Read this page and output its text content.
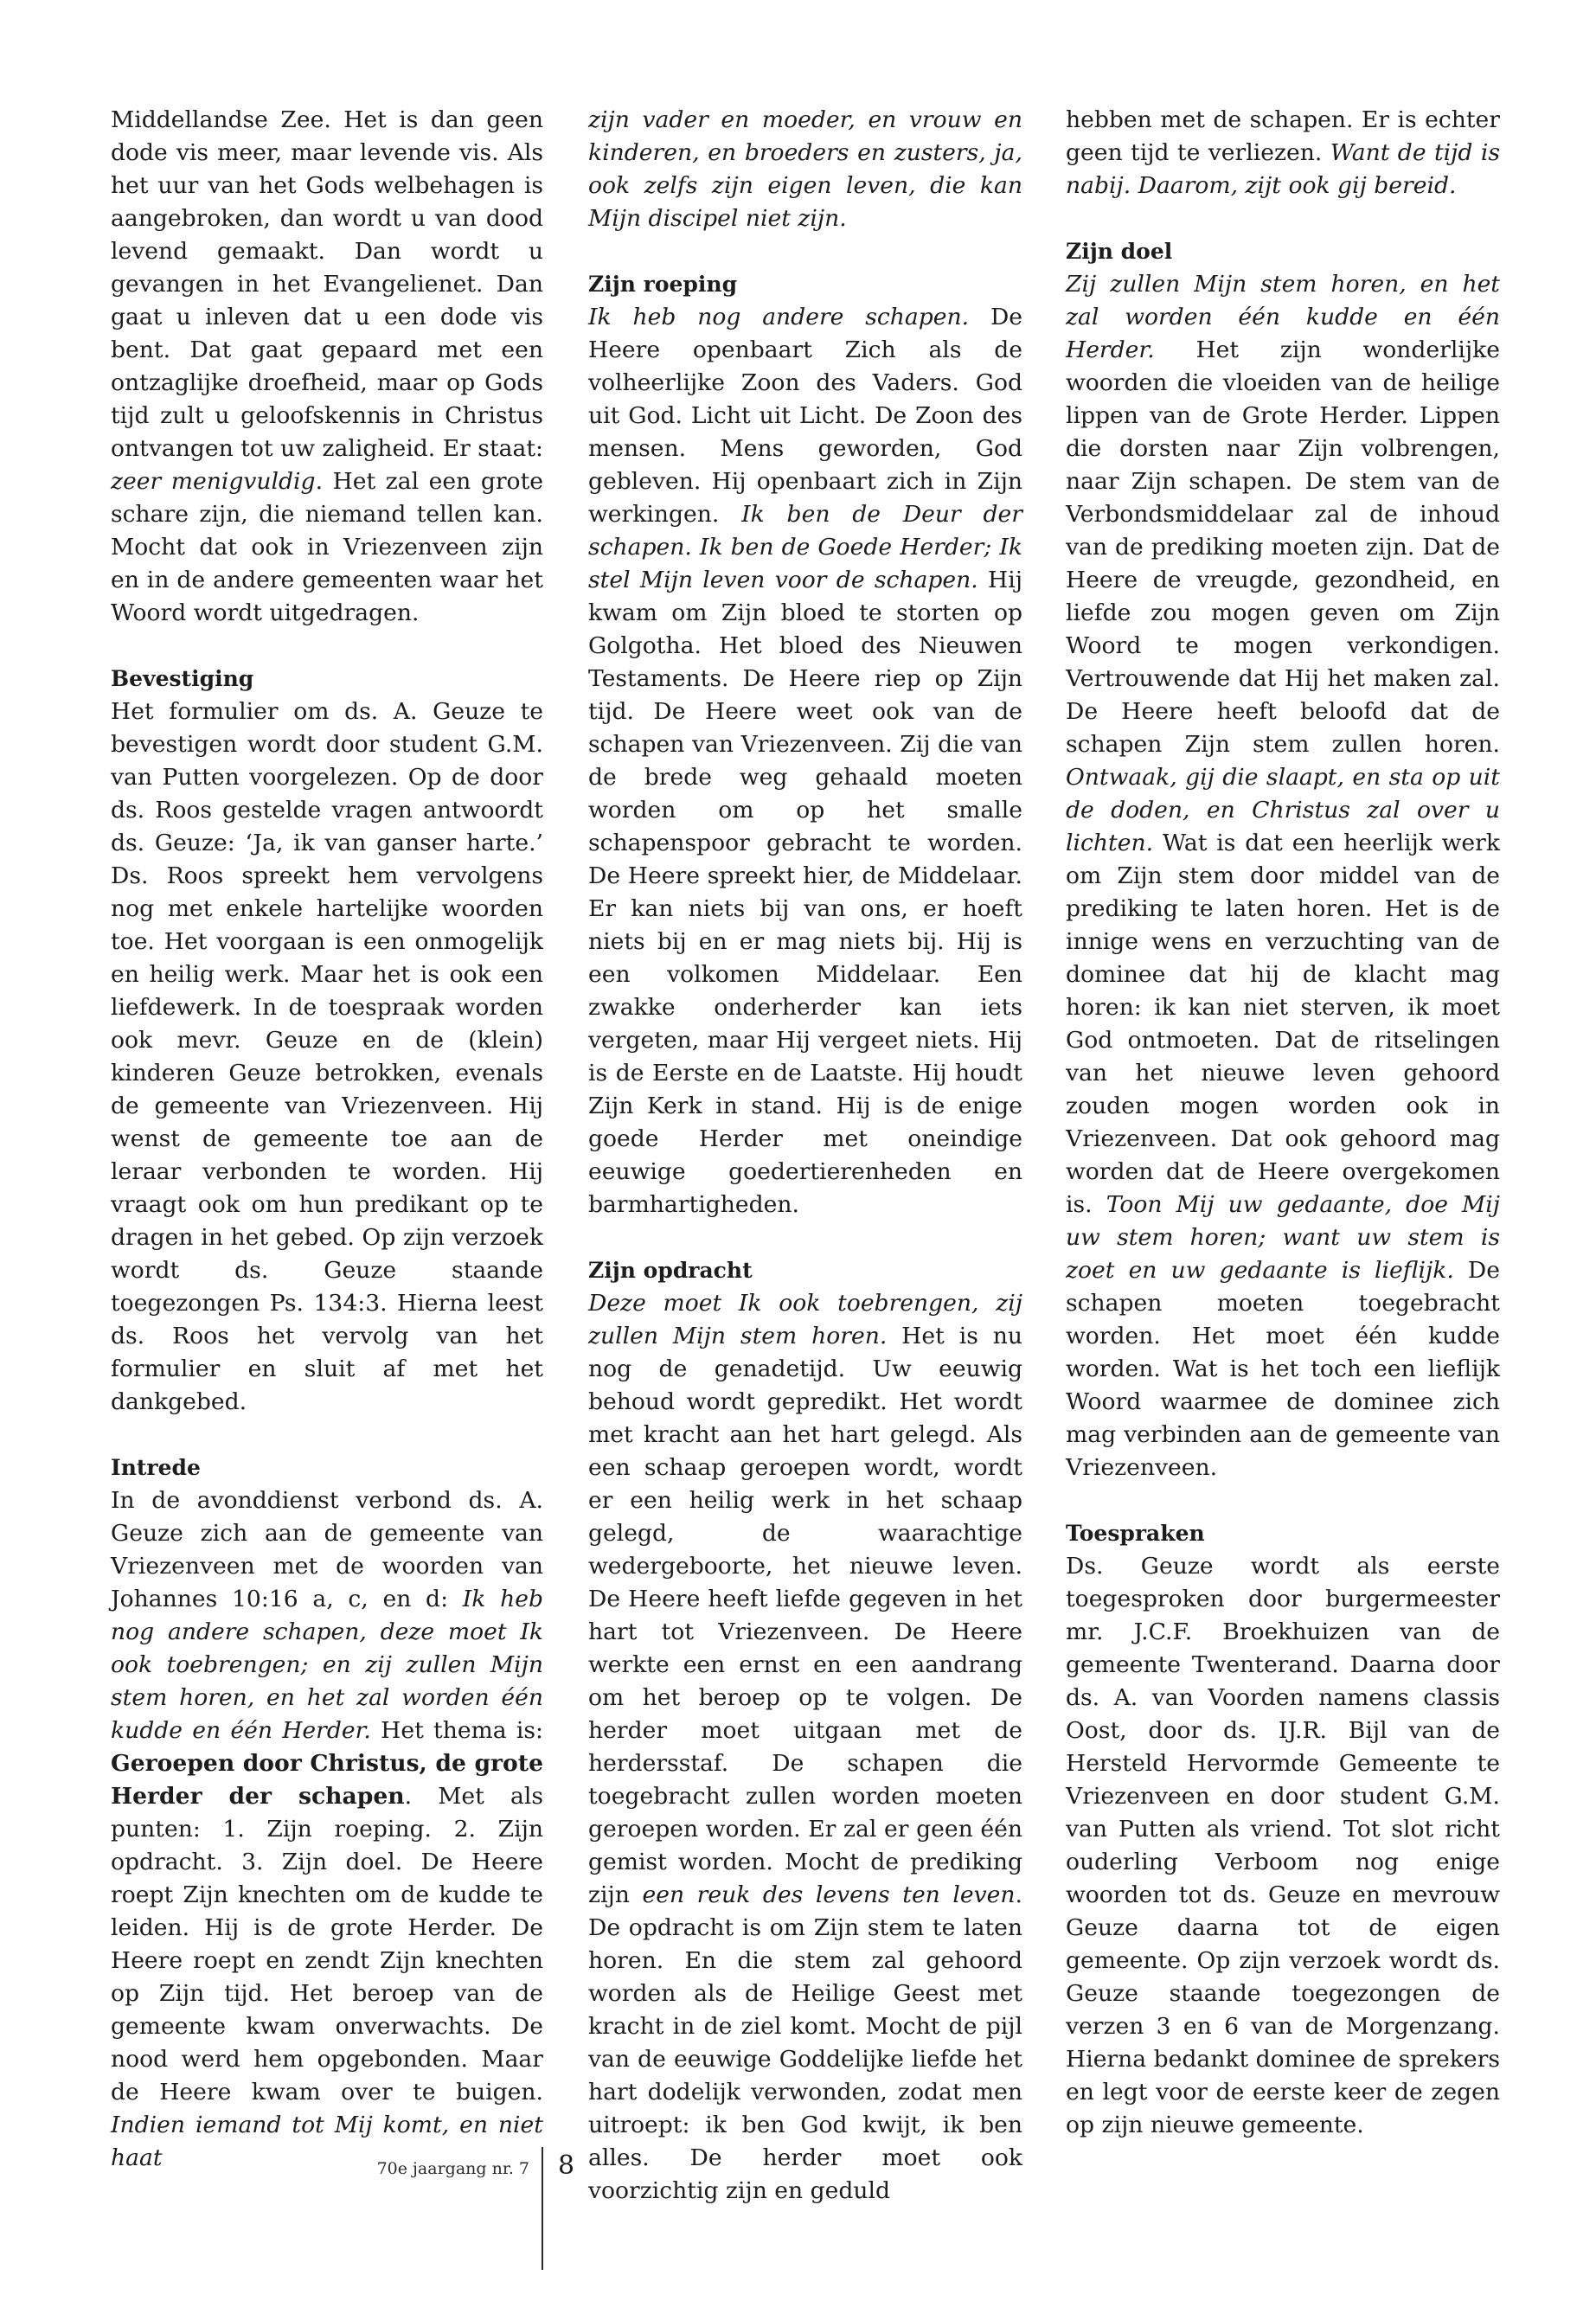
Middellandse Zee. Het is dan geen dode vis meer, maar levende vis. Als het uur van het Gods welbehagen is aangebroken, dan wordt u van dood levend gemaakt. Dan wordt u gevangen in het Evangelienet. Dan gaat u inleven dat u een dode vis bent. Dat gaat gepaard met een ontzaglijke droefheid, maar op Gods tijd zult u geloofskennis in Christus ontvangen tot uw zaligheid. Er staat: zeer menigvuldig. Het zal een grote schare zijn, die niemand tellen kan. Mocht dat ook in Vriezenveen zijn en in de andere gemeenten waar het Woord wordt uitgedragen.

Bevestiging

Het formulier om ds. A. Geuze te bevestigen wordt door student G.M. van Putten voorgelezen. Op de door ds. Roos gestelde vragen antwoordt ds. Geuze: ‘Ja, ik van ganser harte.’ Ds. Roos spreekt hem vervolgens nog met enkele hartelijke woorden toe. Het voorgaan is een onmogelijk en heilig werk. Maar het is ook een liefdewerk. In de toespraak worden ook mevr. Geuze en de (klein) kinderen Geuze betrokken, evenals de gemeente van Vriezenveen. Hij wenst de gemeente toe aan de leraar verbonden te worden. Hij vraagt ook om hun predikant op te dragen in het gebed. Op zijn verzoek wordt ds. Geuze staande toegezongen Ps. 134:3. Hierna leest ds. Roos het vervolg van het formulier en sluit af met het dankgebed.

Intrede

In de avonddienst verbond ds. A. Geuze zich aan de gemeente van Vriezenveen met de woorden van Johannes 10:16 a, c, en d: Ik heb nog andere schapen, deze moet Ik ook toebrengen; en zij zullen Mijn stem horen, en het zal worden één kudde en één Herder. Het thema is: Geroepen door Christus, de grote Herder der schapen. Met als punten: 1. Zijn roeping. 2. Zijn opdracht. 3. Zijn doel. De Heere roept Zijn knechten om de kudde te leiden. Hij is de grote Herder. De Heere roept en zendt Zijn knechten op Zijn tijd. Het beroep van de gemeente kwam onverwachts. De nood werd hem opgebonden. Maar de Heere kwam over te buigen. Indien iemand tot Mij komt, en niet haat

zijn vader en moeder, en vrouw en kinderen, en broeders en zusters, ja, ook zelfs zijn eigen leven, die kan Mijn discipel niet zijn.

Zijn roeping

Ik heb nog andere schapen. De Heere openbaart Zich als de volheerlijke Zoon des Vaders. God uit God. Licht uit Licht. De Zoon des mensen. Mens geworden, God gebleven. Hij openbaart zich in Zijn werkingen. Ik ben de Deur der schapen. Ik ben de Goede Herder; Ik stel Mijn leven voor de schapen. Hij kwam om Zijn bloed te storten op Golgotha. Het bloed des Nieuwen Testaments. De Heere riep op Zijn tijd. De Heere weet ook van de schapen van Vriezenveen. Zij die van de brede weg gehaald moeten worden om op het smalle schapenspoor gebracht te worden. De Heere spreekt hier, de Middelaar. Er kan niets bij van ons, er hoeft niets bij en er mag niets bij. Hij is een volkomen Middelaar. Een zwakke onderherder kan iets vergeten, maar Hij vergeet niets. Hij is de Eerste en de Laatste. Hij houdt Zijn Kerk in stand. Hij is de enige goede Herder met oneindige eeuwige goedertierenheden en barmhartigheden.

Zijn opdracht

Deze moet Ik ook toebrengen, zij zullen Mijn stem horen. Het is nu nog de genadetijd. Uw eeuwig behoud wordt gepredikt. Het wordt met kracht aan het hart gelegd. Als een schaap geroepen wordt, wordt er een heilig werk in het schaap gelegd, de waarachtige wedergeboorte, het nieuwe leven. De Heere heeft liefde gegeven in het hart tot Vriezenveen. De Heere werkte een ernst en een aandrang om het beroep op te volgen. De herder moet uitgaan met de herdersstaf. De schapen die toegebracht zullen worden moeten geroepen worden. Er zal er geen één gemist worden. Mocht de prediking zijn een reuk des levens ten leven. De opdracht is om Zijn stem te laten horen. En die stem zal gehoord worden als de Heilige Geest met kracht in de ziel komt. Mocht de pijl van de eeuwige Goddelijke liefde het hart dodelijk verwonden, zodat men uitroept: ik ben God kwijt, ik ben alles. De herder moet ook voorzichtig zijn en geduld

hebben met de schapen. Er is echter geen tijd te verliezen. Want de tijd is nabij. Daarom, zijt ook gij bereid.

Zijn doel

Zij zullen Mijn stem horen, en het zal worden één kudde en één Herder. Het zijn wonderlijke woorden die vloeiden van de heilige lippen van de Grote Herder. Lippen die dorsten naar Zijn volbrengen, naar Zijn schapen. De stem van de Verbondsmiddelaar zal de inhoud van de prediking moeten zijn. Dat de Heere de vreugde, gezondheid, en liefde zou mogen geven om Zijn Woord te mogen verkondigen. Vertrouwende dat Hij het maken zal. De Heere heeft beloofd dat de schapen Zijn stem zullen horen. Ontwaak, gij die slaapt, en sta op uit de doden, en Christus zal over u lichten. Wat is dat een heerlijk werk om Zijn stem door middel van de prediking te laten horen. Het is de innige wens en verzuchting van de dominee dat hij de klacht mag horen: ik kan niet sterven, ik moet God ontmoeten. Dat de ritselingen van het nieuwe leven gehoord zouden mogen worden ook in Vriezenveen. Dat ook gehoord mag worden dat de Heere overgekomen is. Toon Mij uw gedaante, doe Mij uw stem horen; want uw stem is zoet en uw gedaante is lieflijk. De schapen moeten toegebracht worden. Het moet één kudde worden. Wat is het toch een lieflijk Woord waarmee de dominee zich mag verbinden aan de gemeente van Vriezenveen.

Toespraken

Ds. Geuze wordt als eerste toegesproken door burgermeester mr. J.C.F. Broekhuizen van de gemeente Twenterand. Daarna door ds. A. van Voorden namens classis Oost, door ds. IJ.R. Bijl van de Hersteld Hervormde Gemeente te Vriezenveen en door student G.M. van Putten als vriend. Tot slot richt ouderling Verboom nog enige woorden tot ds. Geuze en mevrouw Geuze daarna tot de eigen gemeente. Op zijn verzoek wordt ds. Geuze staande toegezongen de verzen 3 en 6 van de Morgenzang. Hierna bedankt dominee de sprekers en legt voor de eerste keer de zegen op zijn nieuwe gemeente.

70e jaargang nr. 7 8
